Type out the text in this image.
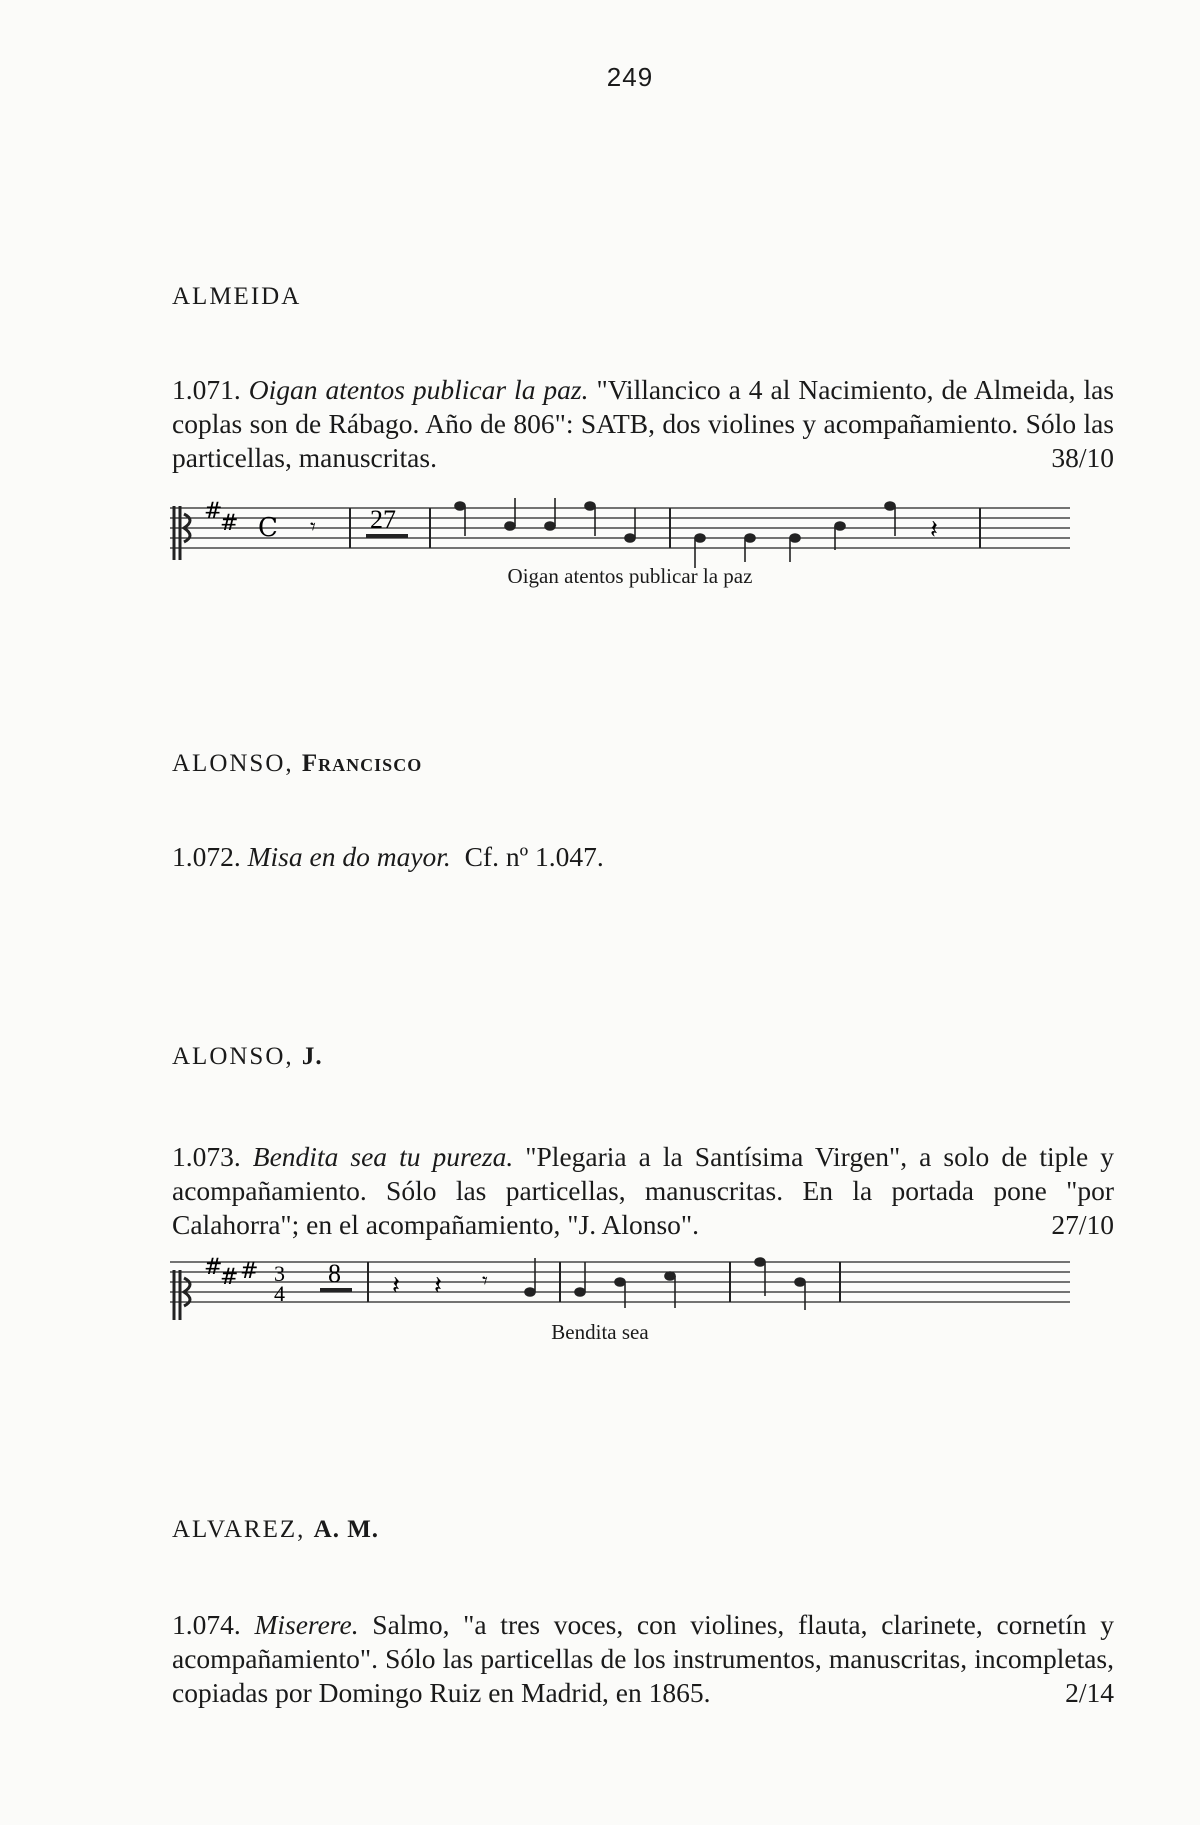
249
ALMEIDA
1.071. Oigan atentos publicar la paz. "Villancico a 4 al Nacimiento, de Almeida, las coplas son de Rábago. Año de 806": SATB, dos violines y acompañamiento. Sólo las particellas, manuscritas.	38/10
#
# C 𝄾 27	𝄽
Oigan atentos publicar la paz
ALONSO, Francisco
1.072. Misa en do mayor. Cf. nº 1.047.
ALONSO, J.
1.073. Bendita sea tu pureza. "Plegaria a la Santísima Virgen", a solo de tiple y acompañamiento. Sólo las particellas, manuscritas. En la portada pone "por Calahorra"; en el acompañamiento, "J. Alonso".	27/10
#
# # 3
4
8 𝄽 𝄽 𝄾
Bendita sea
ALVAREZ, A. M.
1.074. Miserere. Salmo, "a tres voces, con violines, flauta, clarinete, cornetín y acompañamiento". Sólo las particellas de los instrumentos, manuscritas, incompletas, copiadas por Domingo Ruiz en Madrid, en 1865.	2/14
